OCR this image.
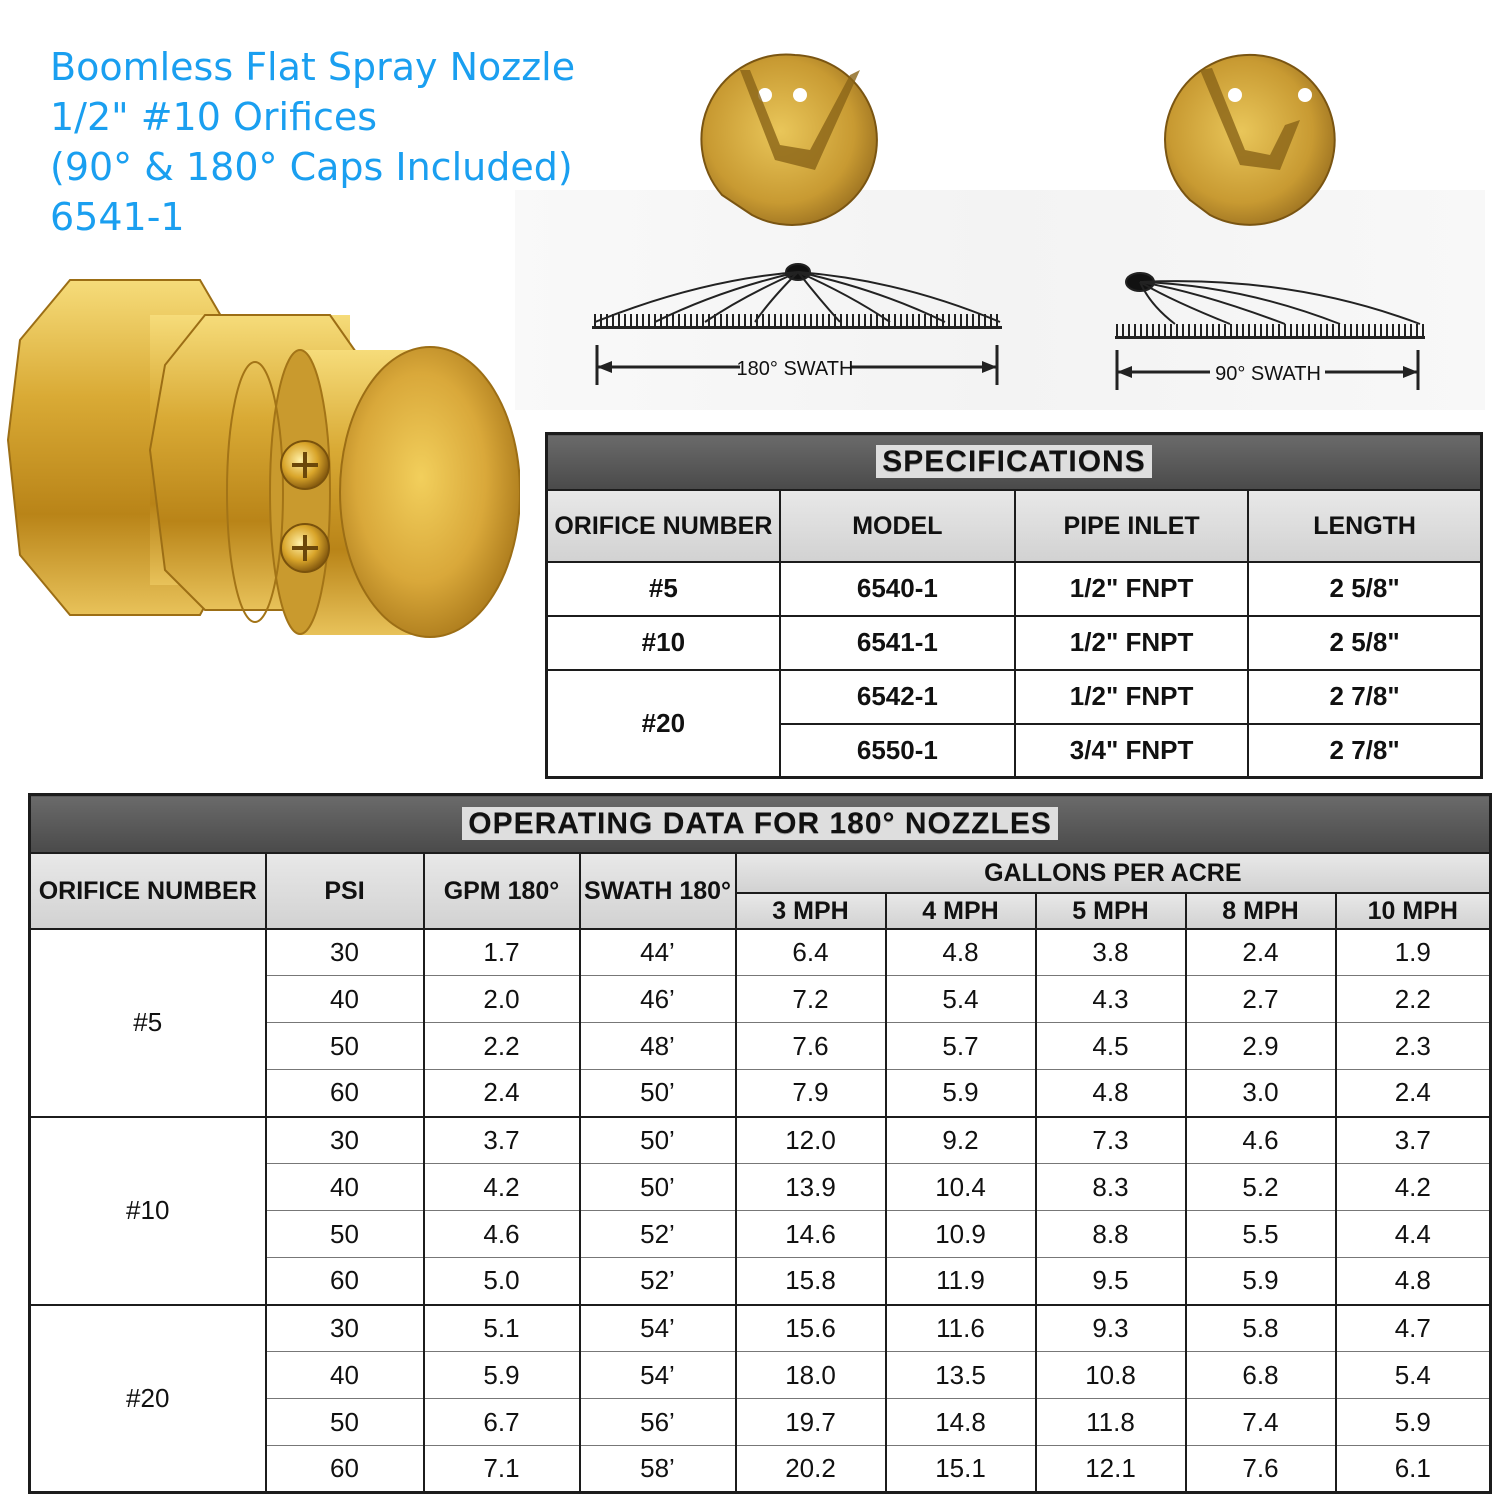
Boomless Flat Spray Nozzle
1/2" #10 Orifices
(90° & 180° Caps Included)
6541-1
180° SWATH	90° SWATH
SPECIFICATIONS			
ORIFICE NUMBER	MODEL	PIPE INLET	LENGTH
#5	6540-1	1/2" FNPT	2 5/8"
#10	6541-1	1/2" FNPT	2 5/8"
#20	6542-1	1/2" FNPT	2 7/8"
	6550-1	3/4" FNPT	2 7/8"
OPERATING DATA FOR 180° NOZZLES								
ORIFICE NUMBER	PSI	GPM 180°	SWATH 180°	GALLONS PER ACRE				
				3 MPH	4 MPH	5 MPH	8 MPH	10 MPH
#5	30	1.7	44’	6.4	4.8	3.8	2.4	1.9
	40	2.0	46’	7.2	5.4	4.3	2.7	2.2
	50	2.2	48’	7.6	5.7	4.5	2.9	2.3
	60	2.4	50’	7.9	5.9	4.8	3.0	2.4
#10	30	3.7	50’	12.0	9.2	7.3	4.6	3.7
	40	4.2	50’	13.9	10.4	8.3	5.2	4.2
	50	4.6	52’	14.6	10.9	8.8	5.5	4.4
	60	5.0	52’	15.8	11.9	9.5	5.9	4.8
#20	30	5.1	54’	15.6	11.6	9.3	5.8	4.7
	40	5.9	54’	18.0	13.5	10.8	6.8	5.4
	50	6.7	56’	19.7	14.8	11.8	7.4	5.9
	60	7.1	58’	20.2	15.1	12.1	7.6	6.1
